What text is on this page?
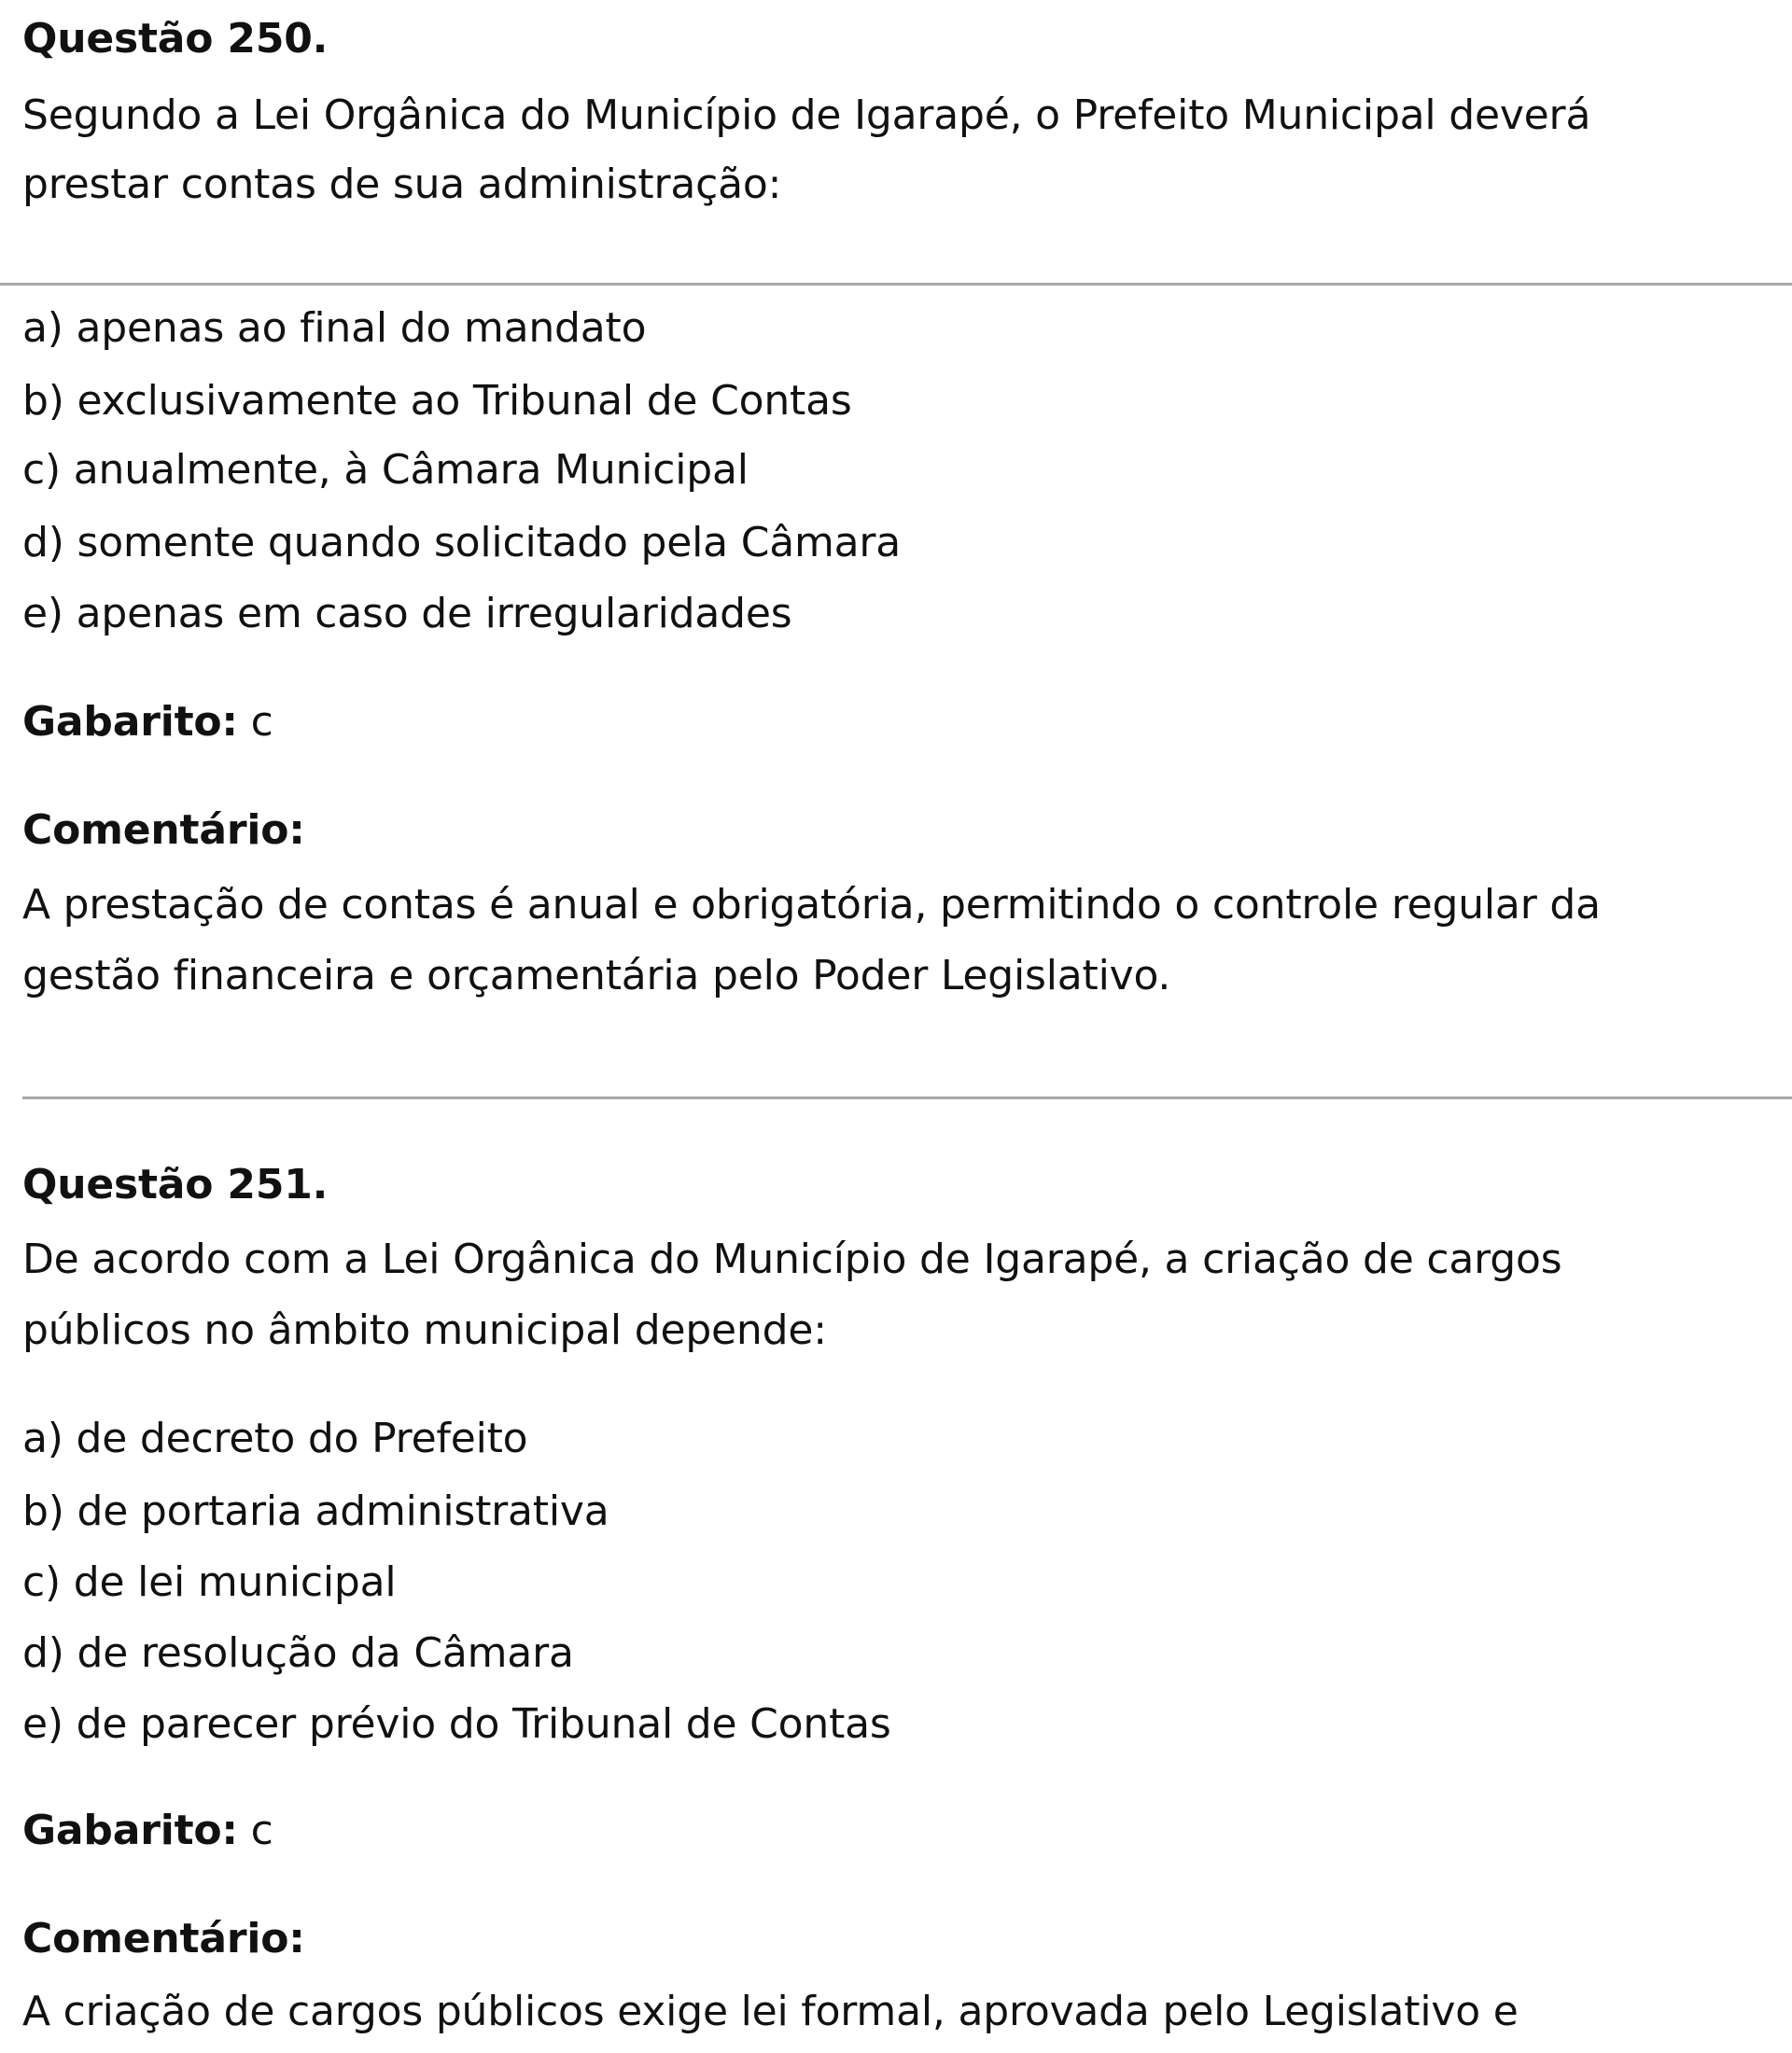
Questão 250.

Segundo a Lei Orgânica do Município de Igarapé, o Prefeito Municipal deverá

prestar contas de sua administração:

a) apenas ao final do mandato

b) exclusivamente ao Tribunal de Contas

c) anualmente, à Câmara Municipal

d) somente quando solicitado pela Câmara

e) apenas em caso de irregularidades

Gabarito: c

Comentário:

A prestação de contas é anual e obrigatória, permitindo o controle regular da

gestão financeira e orçamentária pelo Poder Legislativo.

Questão 251.

De acordo com a Lei Orgânica do Município de Igarapé, a criação de cargos

públicos no âmbito municipal depende:

a) de decreto do Prefeito

b) de portaria administrativa

c) de lei municipal

d) de resolução da Câmara

e) de parecer prévio do Tribunal de Contas

Gabarito: c

Comentário:

A criação de cargos públicos exige lei formal, aprovada pelo Legislativo e
